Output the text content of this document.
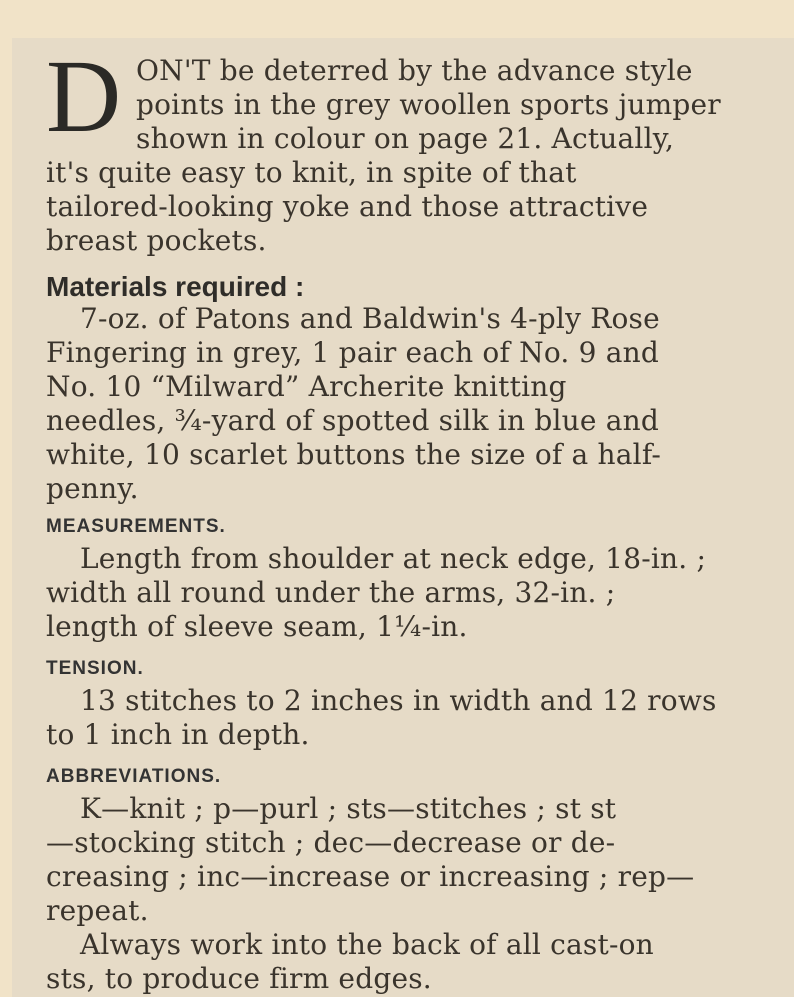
D ON'T be deterred by the advance style
points in the grey woollen sports jumper
shown in colour on page 21. Actually,
it's quite easy to knit, in spite of that
tailored-looking yoke and those attractive
breast pockets.
Materials required :
7-oz. of Patons and Baldwin's 4-ply Rose
Fingering in grey, 1 pair each of No. 9 and
No. 10 “Milward” Archerite knitting
needles, ¾-yard of spotted silk in blue and
white, 10 scarlet buttons the size of a half-
penny.
MEASUREMENTS.
Length from shoulder at neck edge, 18-in. ;
width all round under the arms, 32-in. ;
length of sleeve seam, 1¼-in.
TENSION.
13 stitches to 2 inches in width and 12 rows
to 1 inch in depth.
ABBREVIATIONS.
K—knit ; p—purl ; sts—stitches ; st st
—stocking stitch ; dec—decrease or de-
creasing ; inc—increase or increasing ; rep—
repeat.
Always work into the back of all cast-on
sts, to produce firm edges.
